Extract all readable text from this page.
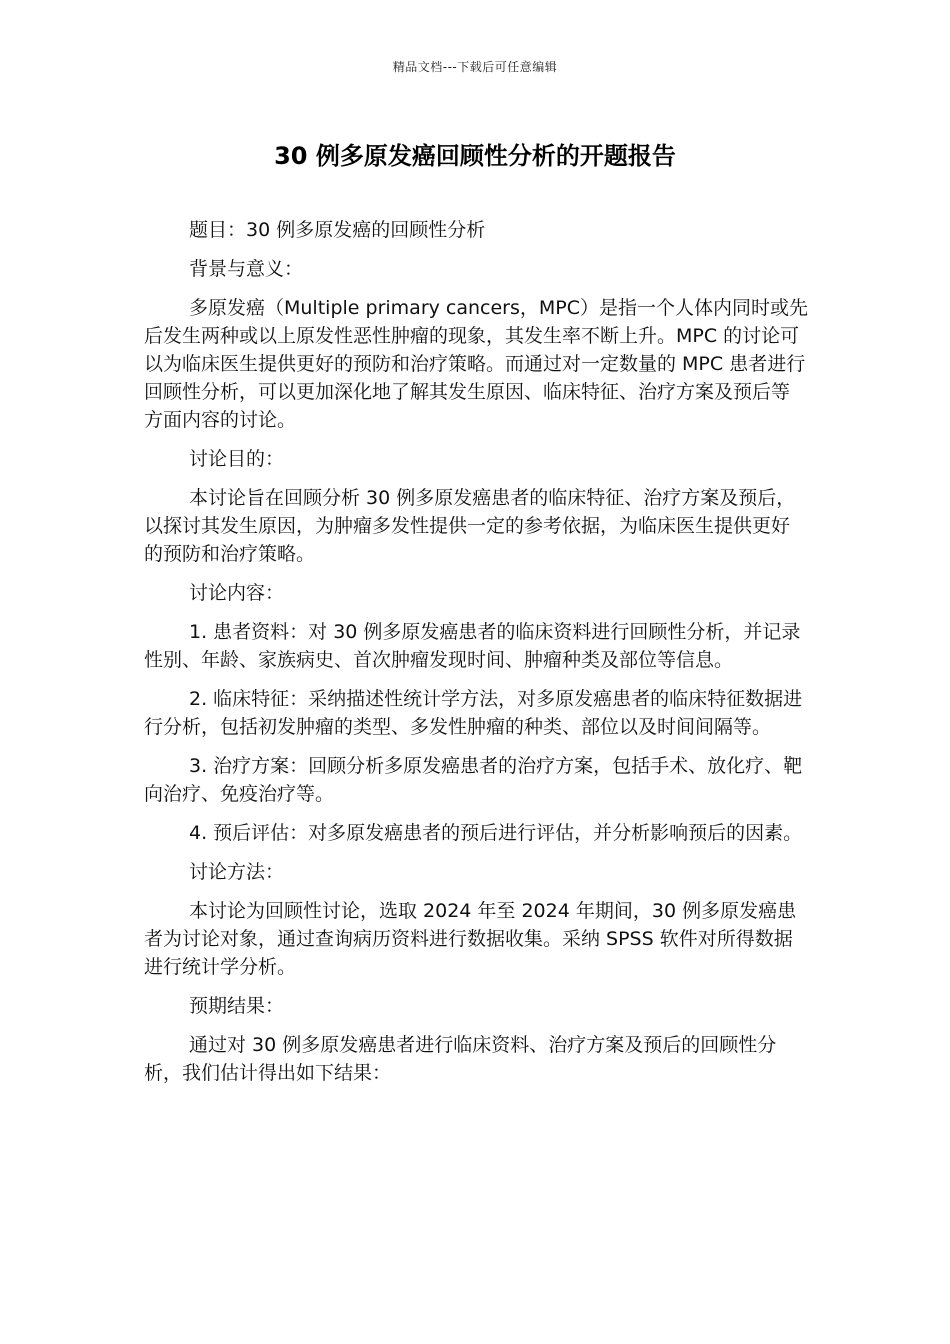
精品文档---下载后可任意编辑
30 例多原发癌回顾性分析的开题报告

题目：30 例多原发癌的回顾性分析

背景与意义：

多原发癌（Multiple primary cancers，MPC）是指一个人体内同时或先后发生两种或以上原发性恶性肿瘤的现象，其发生率不断上升。MPC 的讨论可以为临床医生提供更好的预防和治疗策略。而通过对一定数量的 MPC 患者进行回顾性分析，可以更加深化地了解其发生原因、临床特征、治疗方案及预后等方面内容的讨论。

讨论目的：

本讨论旨在回顾分析 30 例多原发癌患者的临床特征、治疗方案及预后，以探讨其发生原因，为肿瘤多发性提供一定的参考依据，为临床医生提供更好的预防和治疗策略。

讨论内容：

1. 患者资料：对 30 例多原发癌患者的临床资料进行回顾性分析，并记录性别、年龄、家族病史、首次肿瘤发现时间、肿瘤种类及部位等信息。

2. 临床特征：采纳描述性统计学方法，对多原发癌患者的临床特征数据进行分析，包括初发肿瘤的类型、多发性肿瘤的种类、部位以及时间间隔等。

3. 治疗方案：回顾分析多原发癌患者的治疗方案，包括手术、放化疗、靶向治疗、免疫治疗等。

4. 预后评估：对多原发癌患者的预后进行评估，并分析影响预后的因素。

讨论方法：

本讨论为回顾性讨论，选取 2024 年至 2024 年期间，30 例多原发癌患者为讨论对象，通过查询病历资料进行数据收集。采纳 SPSS 软件对所得数据进行统计学分析。

预期结果：

通过对 30 例多原发癌患者进行临床资料、治疗方案及预后的回顾性分析，我们估计得出如下结果：
